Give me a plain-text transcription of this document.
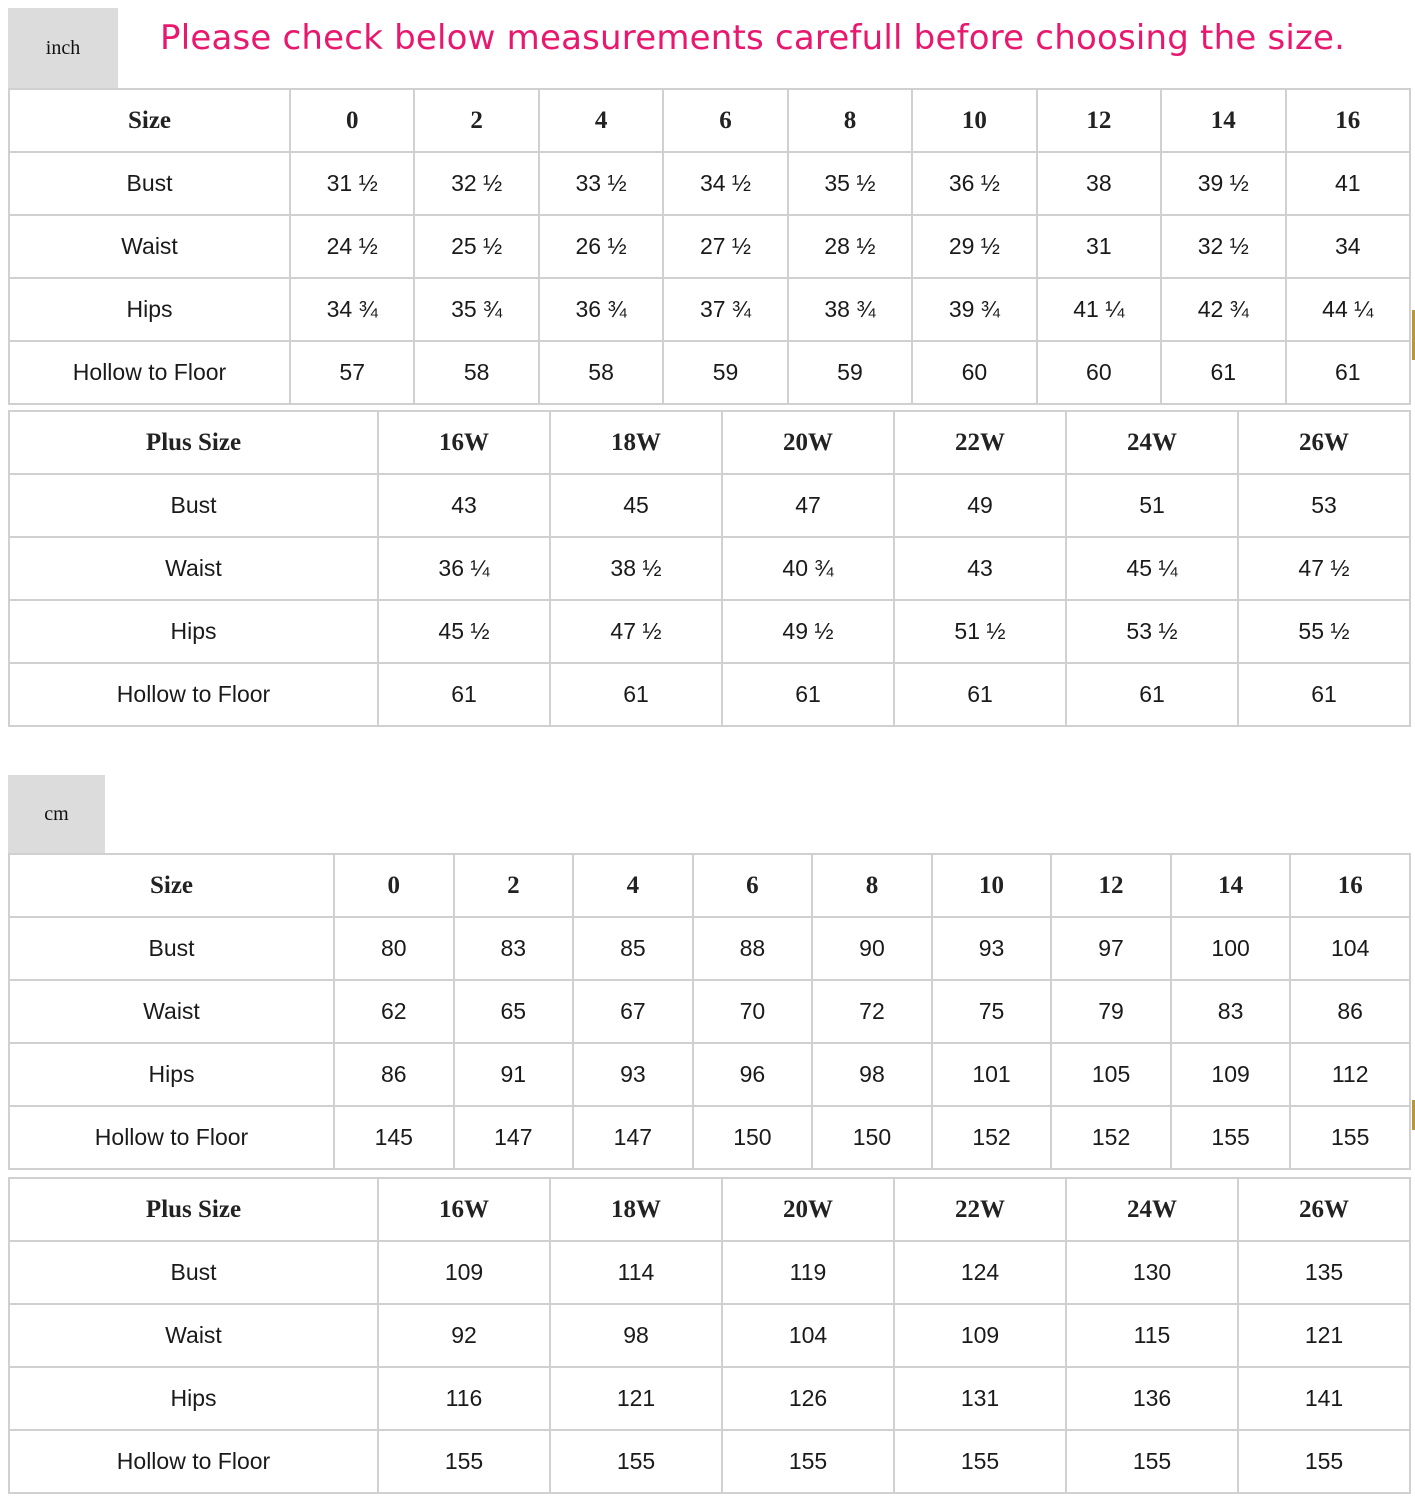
inch Please check below measurements carefull before choosing the size.
Size	0	2	4	6	8	10	12	14	16
Bust	31 ½	32 ½	33 ½	34 ½	35 ½	36 ½	38	39 ½	41
Waist	24 ½	25 ½	26 ½	27 ½	28 ½	29 ½	31	32 ½	34
Hips	34 ¾	35 ¾	36 ¾	37 ¾	38 ¾	39 ¾	41 ¼	42 ¾	44 ¼
Hollow to Floor	57	58	58	59	59	60	60	61	61
Plus Size	16W	18W	20W	22W	24W	26W
Bust	43	45	47	49	51	53
Waist	36 ¼	38 ½	40 ¾	43	45 ¼	47 ½
Hips	45 ½	47 ½	49 ½	51 ½	53 ½	55 ½
Hollow to Floor	61	61	61	61	61	61
cm
Size	0	2	4	6	8	10	12	14	16
Bust	80	83	85	88	90	93	97	100	104
Waist	62	65	67	70	72	75	79	83	86
Hips	86	91	93	96	98	101	105	109	112
Hollow to Floor	145	147	147	150	150	152	152	155	155
Plus Size	16W	18W	20W	22W	24W	26W
Bust	109	114	119	124	130	135
Waist	92	98	104	109	115	121
Hips	116	121	126	131	136	141
Hollow to Floor	155	155	155	155	155	155
